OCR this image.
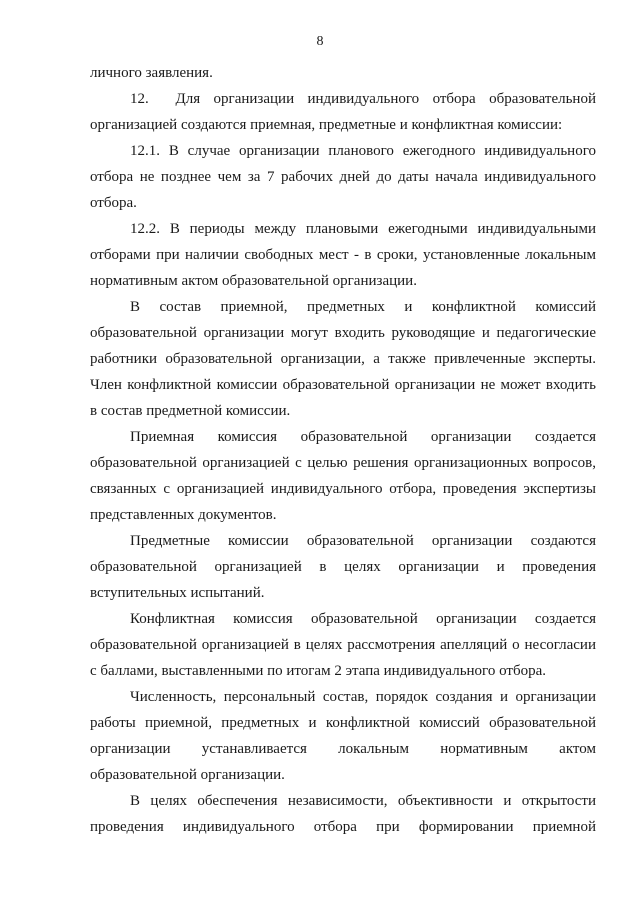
8
личного заявления.
12.  Для организации индивидуального отбора образовательной
организацией создаются приемная, предметные и конфликтная комиссии:
12.1. В случае организации планового ежегодного индивидуального
отбора не позднее чем за 7 рабочих дней до даты начала индивидуального
отбора.
12.2. В периоды между плановыми ежегодными индивидуальными
отборами при наличии свободных мест - в сроки, установленные локальным
нормативным актом образовательной организации.
В состав приемной, предметных и конфликтной комиссий
образовательной организации могут входить руководящие и педагогические
работники образовательной организации, а также привлеченные эксперты.
Член конфликтной комиссии образовательной организации не может входить
в состав предметной комиссии.
Приемная комиссия образовательной организации создается
образовательной организацией с целью решения организационных вопросов,
связанных с организацией индивидуального отбора, проведения экспертизы
представленных документов.
Предметные комиссии образовательной организации создаются
образовательной организацией в целях организации и проведения
вступительных испытаний.
Конфликтная комиссия образовательной организации создается
образовательной организацией в целях рассмотрения апелляций о несогласии
с баллами, выставленными по итогам 2 этапа индивидуального отбора.
Численность, персональный состав, порядок создания и организации
работы приемной, предметных и конфликтной комиссий образовательной
организации устанавливается локальным нормативным актом
образовательной организации.
В целях обеспечения независимости, объективности и открытости
проведения индивидуального отбора при формировании приемной
